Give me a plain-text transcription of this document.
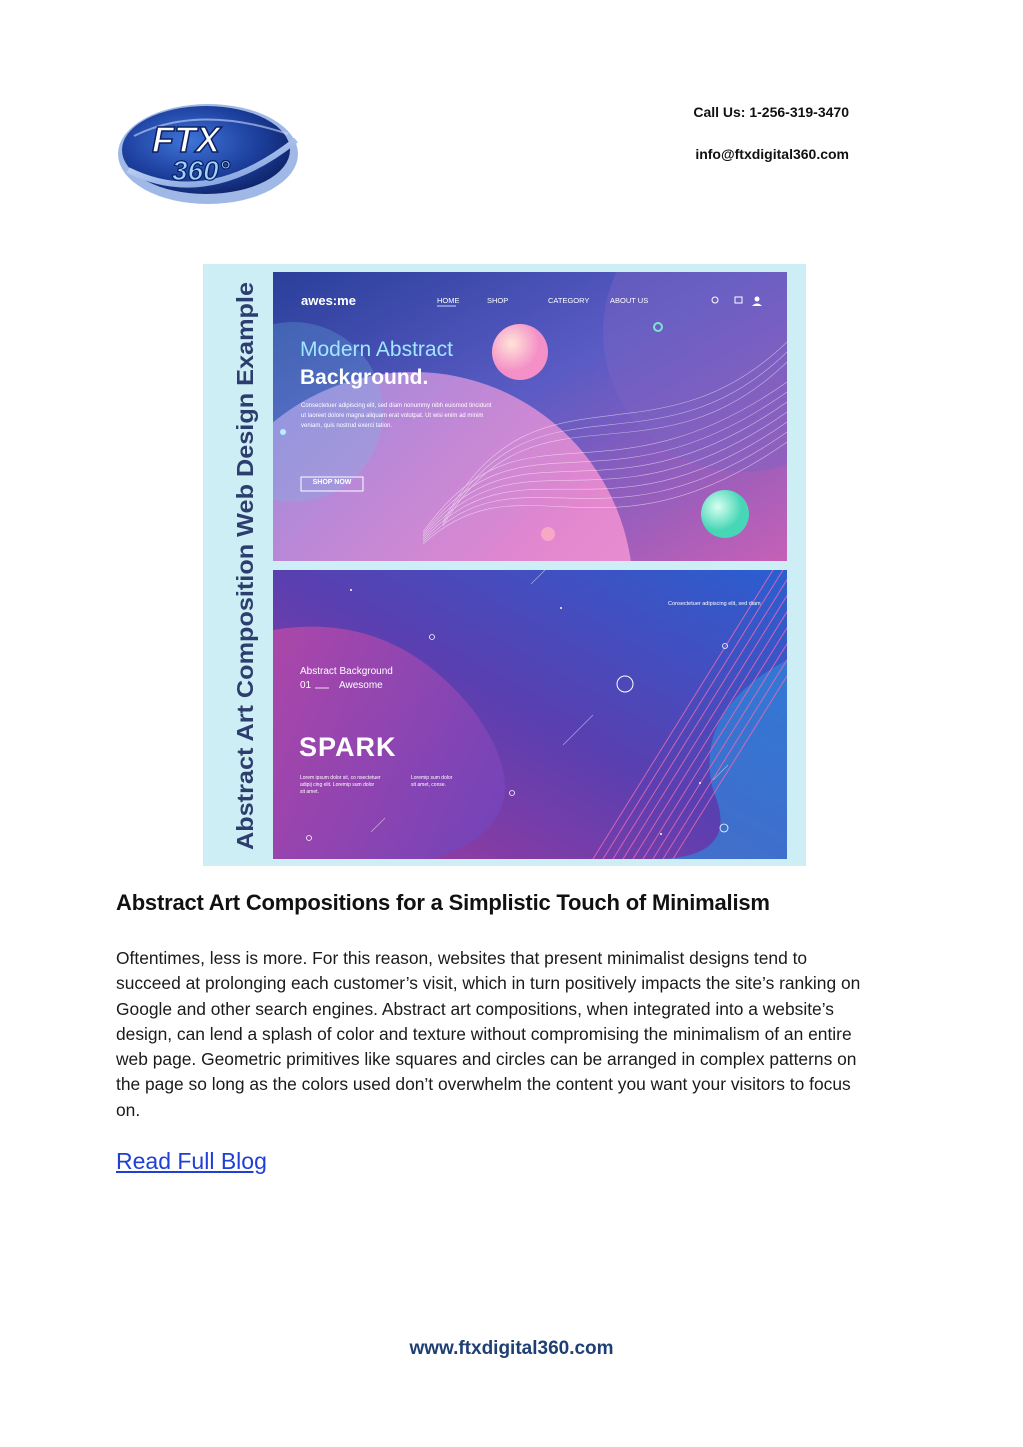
FTX
360°
Call Us: 1-256-319-3470
info@ftxdigital360.com
Abstract Art Composition Web Design Example
awes:me	HOME	SHOP	CATEGORY	ABOUT US
Modern Abstract
Background.
Consectetuer adipiscing elit, sed diam nonummy nibh euismod tincidunt
ut laoreet dolore magna aliquam erat volutpat. Ut wisi enim ad minim
veniam, quis nostrud exerci tation.
SHOP NOW
Consectetuer adipiscing elit, sed diam
Abstract Background
01	Awesome
SPARK
Lorem ipsum dolor sit, co nsectetuer
adipij cing elit. Loremip sum dolor
sit amet.
Loremip sum dolor
sit amet, conse.
Abstract Art Compositions for a Simplistic Touch of Minimalism

Oftentimes, less is more. For this reason, websites that present minimalist designs tend to succeed at prolonging each customer’s visit, which in turn positively impacts the site’s ranking on Google and other search engines. Abstract art compositions, when integrated into a website’s design, can lend a splash of color and texture without compromising the minimalism of an entire web page. Geometric primitives like squares and circles can be arranged in complex patterns on the page so long as the colors used don’t overwhelm the content you want your visitors to focus on.

Read Full Blog
www.ftxdigital360.com
